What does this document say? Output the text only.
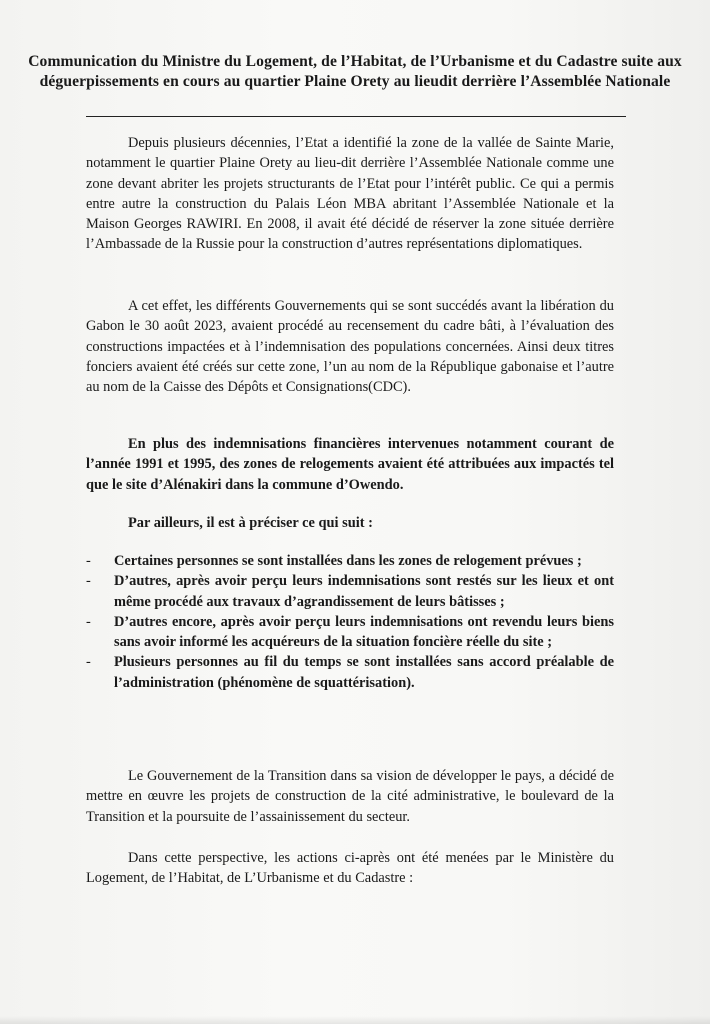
Communication du Ministre du Logement, de l’Habitat, de l’Urbanisme et du Cadastre suite aux déguerpissements en cours au quartier Plaine Orety au lieudit derrière l’Assemblée Nationale
Depuis plusieurs décennies, l’Etat a identifié la zone de la vallée de Sainte Marie, notamment le quartier Plaine Orety au lieu-dit derrière l’Assemblée Nationale comme une zone devant abriter les projets structurants de l’Etat pour l’intérêt public. Ce qui a permis entre autre la construction du Palais Léon MBA abritant l’Assemblée Nationale et la Maison Georges RAWIRI. En 2008, il avait été décidé de réserver la zone située derrière l’Ambassade de la Russie pour la construction d’autres représentations diplomatiques.
A cet effet, les différents Gouvernements qui se sont succédés avant la libération du Gabon le 30 août 2023, avaient procédé au recensement du cadre bâti, à l’évaluation des constructions impactées et à l’indemnisation des populations concernées. Ainsi deux titres fonciers avaient été créés sur cette zone, l’un au nom de la République gabonaise et l’autre au nom de la Caisse des Dépôts et Consignations(CDC).
En plus des indemnisations financières intervenues notamment courant de l’année 1991 et 1995, des zones de relogements avaient été attribuées aux impactés tel que le site d’Alénakiri dans la commune d’Owendo.
Par ailleurs, il est à préciser ce qui suit :
- Certaines personnes se sont installées dans les zones de relogement prévues ;
- D’autres, après avoir perçu leurs indemnisations sont restés sur les lieux et ont même procédé aux travaux d’agrandissement de leurs bâtisses ;
- D’autres encore, après avoir perçu leurs indemnisations ont revendu leurs biens sans avoir informé les acquéreurs de la situation foncière réelle du site ;
- Plusieurs personnes au fil du temps se sont installées sans accord préalable de l’administration (phénomène de squattérisation).
Le Gouvernement de la Transition dans sa vision de développer le pays, a décidé de mettre en œuvre les projets de construction de la cité administrative, le boulevard de la Transition et la poursuite de l’assainissement du secteur.
Dans cette perspective, les actions ci-après ont été menées par le Ministère du Logement, de l’Habitat, de L’Urbanisme et du Cadastre :
